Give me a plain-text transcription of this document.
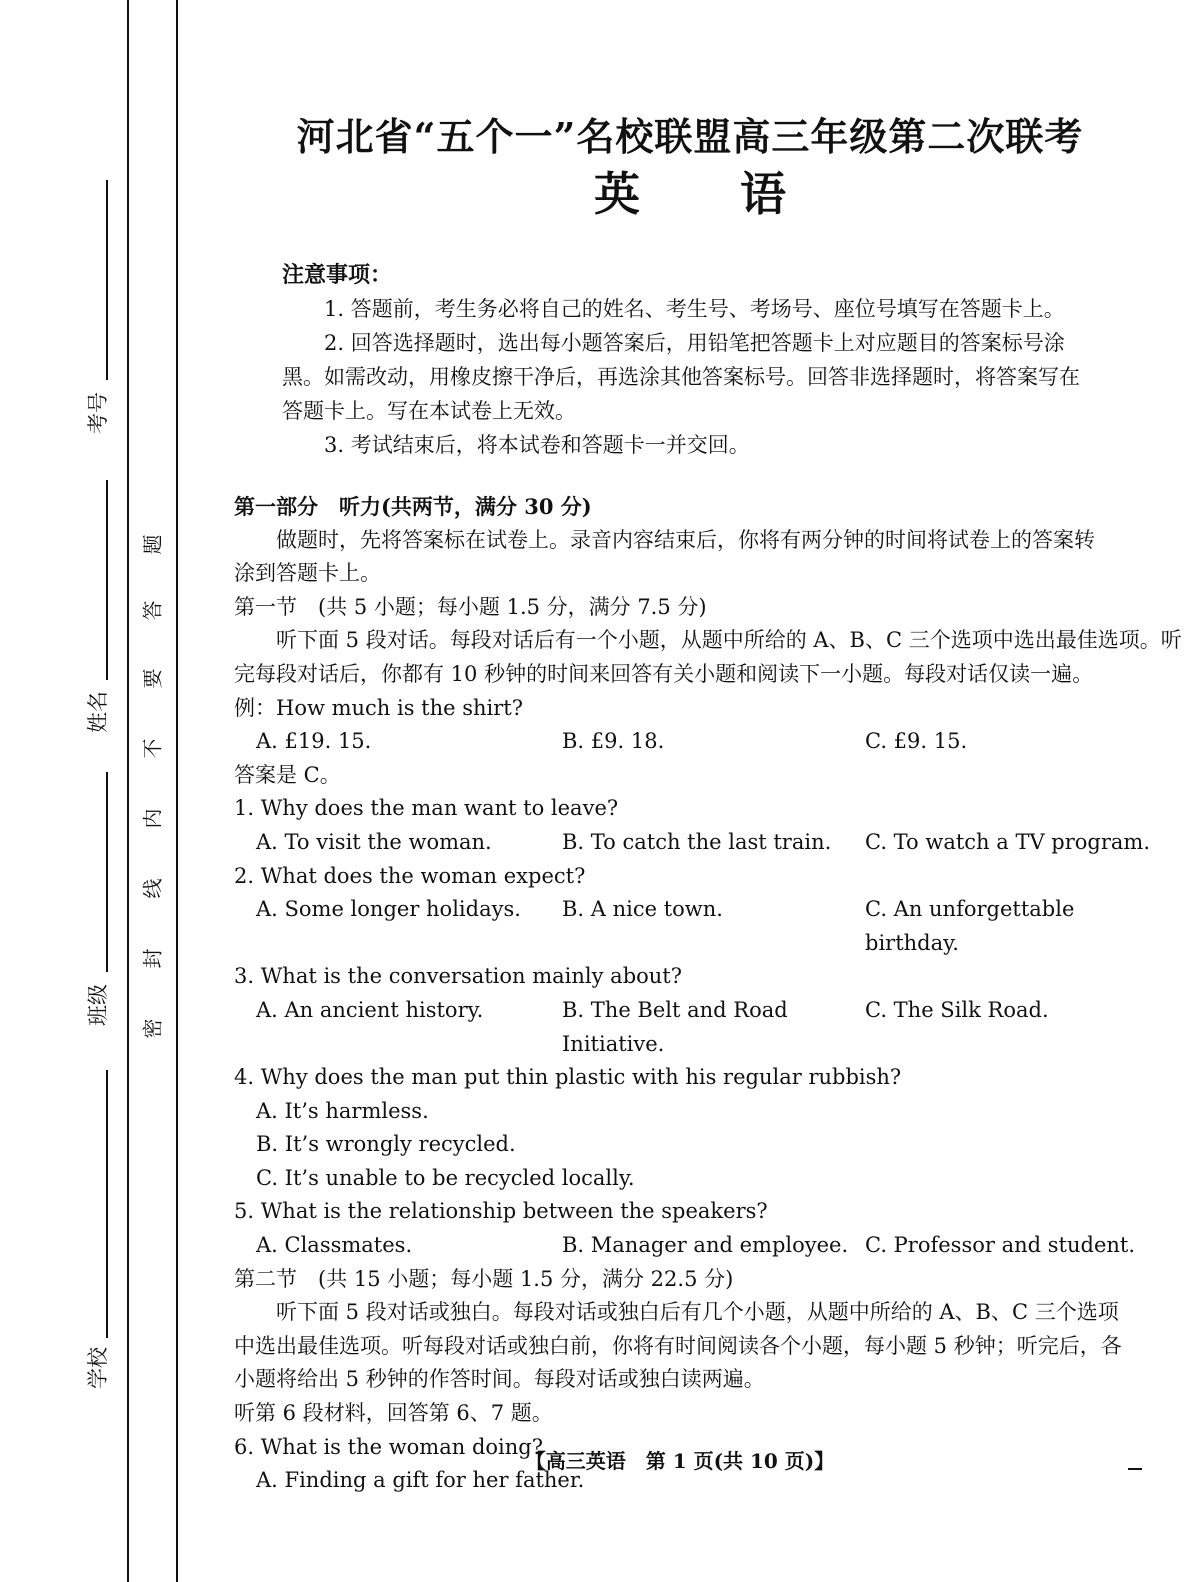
考号
姓名
班级
学校
题
答
要
不
内
线
封
密
河北省“五个一”名校联盟高三年级第二次联考
英 语
注意事项：
1. 答题前，考生务必将自己的姓名、考生号、考场号、座位号填写在答题卡上。
2. 回答选择题时，选出每小题答案后，用铅笔把答题卡上对应题目的答案标号涂
黑。如需改动，用橡皮擦干净后，再选涂其他答案标号。回答非选择题时，将答案写在
答题卡上。写在本试卷上无效。
3. 考试结束后，将本试卷和答题卡一并交回。
第一部分　听力(共两节，满分 30 分)
做题时，先将答案标在试卷上。录音内容结束后，你将有两分钟的时间将试卷上的答案转
涂到答题卡上。
第一节　(共 5 小题；每小题 1.5 分，满分 7.5 分)
听下面 5 段对话。每段对话后有一个小题，从题中所给的 A、B、C 三个选项中选出最佳选项。听
完每段对话后，你都有 10 秒钟的时间来回答有关小题和阅读下一小题。每段对话仅读一遍。
例：How much is the shirt?
A. £19. 15.	B. £9. 18.	C. £9. 15.
答案是 C。
1. Why does the man want to leave?
A. To visit the woman.	B. To catch the last train.	C. To watch a TV program.
2. What does the woman expect?
A. Some longer holidays.	B. A nice town.	C. An unforgettable birthday.
3. What is the conversation mainly about?
A. An ancient history.	B. The Belt and Road Initiative.
C. The Silk Road.
4. Why does the man put thin plastic with his regular rubbish?
A. It’s harmless.
B. It’s wrongly recycled.
C. It’s unable to be recycled locally.
5. What is the relationship between the speakers?
A. Classmates.	B. Manager and employee. C. Professor and student.
第二节　(共 15 小题；每小题 1.5 分，满分 22.5 分)
听下面 5 段对话或独白。每段对话或独白后有几个小题，从题中所给的 A、B、C 三个选项
中选出最佳选项。听每段对话或独白前，你将有时间阅读各个小题，每小题 5 秒钟；听完后，各
小题将给出 5 秒钟的作答时间。每段对话或独白读两遍。
听第 6 段材料，回答第 6、7 题。
6. What is the woman doing?
A. Finding a gift for her father.
【高三英语　第 1 页(共 10 页)】
